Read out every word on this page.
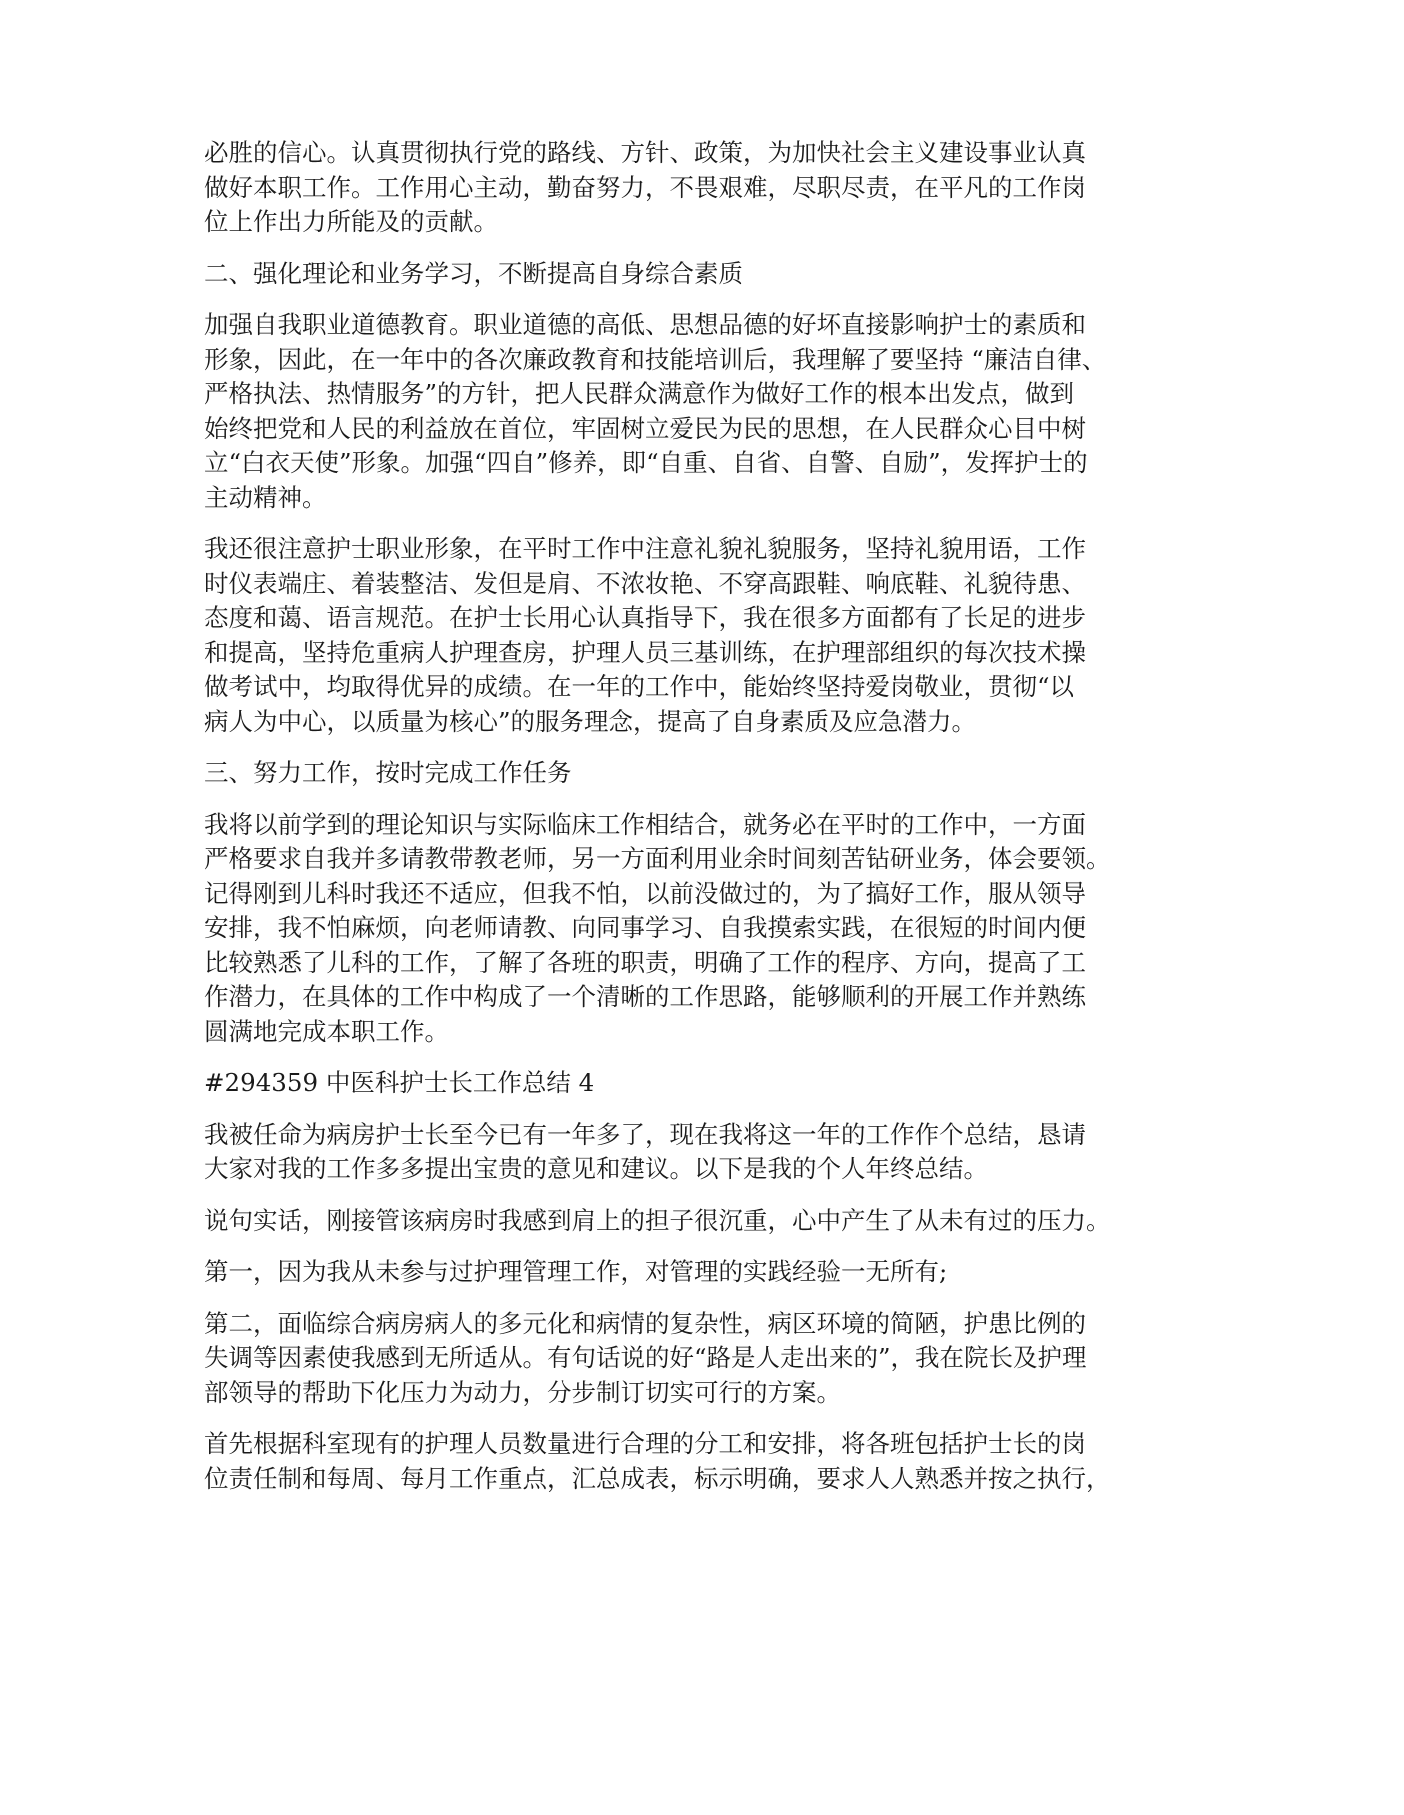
必胜的信心。认真贯彻执行党的路线、方针、政策，为加快社会主义建设事业认真
做好本职工作。工作用心主动，勤奋努力，不畏艰难，尽职尽责，在平凡的工作岗
位上作出力所能及的贡献。

二、强化理论和业务学习，不断提高自身综合素质

加强自我职业道德教育。职业道德的高低、思想品德的好坏直接影响护士的素质和
形象，因此，在一年中的各次廉政教育和技能培训后，我理解了要坚持 “廉洁自律、
严格执法、热情服务”的方针，把人民群众满意作为做好工作的根本出发点，做到
始终把党和人民的利益放在首位，牢固树立爱民为民的思想，在人民群众心目中树
立“白衣天使”形象。加强“四自”修养，即“自重、自省、自警、自励”，发挥护士的
主动精神。

我还很注意护士职业形象，在平时工作中注意礼貌礼貌服务，坚持礼貌用语，工作
时仪表端庄、着装整洁、发但是肩、不浓妆艳、不穿高跟鞋、响底鞋、礼貌待患、
态度和蔼、语言规范。在护士长用心认真指导下，我在很多方面都有了长足的进步
和提高，坚持危重病人护理查房，护理人员三基训练，在护理部组织的每次技术操
做考试中，均取得优异的成绩。在一年的工作中，能始终坚持爱岗敬业，贯彻“以
病人为中心，以质量为核心”的服务理念，提高了自身素质及应急潜力。

三、努力工作，按时完成工作任务

我将以前学到的理论知识与实际临床工作相结合，就务必在平时的工作中，一方面
严格要求自我并多请教带教老师，另一方面利用业余时间刻苦钻研业务，体会要领。
记得刚到儿科时我还不适应，但我不怕，以前没做过的，为了搞好工作，服从领导
安排，我不怕麻烦，向老师请教、向同事学习、自我摸索实践，在很短的时间内便
比较熟悉了儿科的工作，了解了各班的职责，明确了工作的程序、方向，提高了工
作潜力，在具体的工作中构成了一个清晰的工作思路，能够顺利的开展工作并熟练
圆满地完成本职工作。

#294359 中医科护士长工作总结 4

我被任命为病房护士长至今已有一年多了，现在我将这一年的工作作个总结，恳请
大家对我的工作多多提出宝贵的意见和建议。以下是我的个人年终总结。

说句实话，刚接管该病房时我感到肩上的担子很沉重，心中产生了从未有过的压力。

第一，因为我从未参与过护理管理工作，对管理的实践经验一无所有;

第二，面临综合病房病人的多元化和病情的复杂性，病区环境的简陋，护患比例的
失调等因素使我感到无所适从。有句话说的好“路是人走出来的”，我在院长及护理
部领导的帮助下化压力为动力，分步制订切实可行的方案。

首先根据科室现有的护理人员数量进行合理的分工和安排，将各班包括护士长的岗
位责任制和每周、每月工作重点，汇总成表，标示明确，要求人人熟悉并按之执行，
